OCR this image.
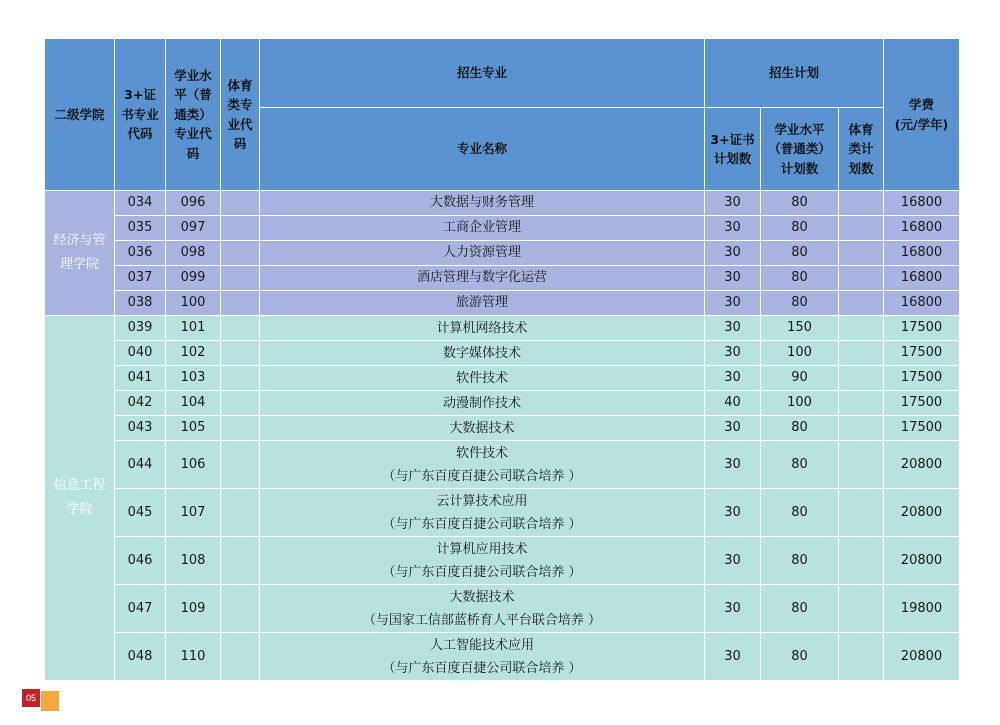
二级学院	3+证
书专业
代码	学业水
平（普
通类）
专业代
码	体育
类专
业代
码	招生专业	招生计划			学费
(元/学年)
				专业名称	3+证书
计划数	学业水平
（普通类）
计划数	体育
类计
划数	
经济与管
理学院	034	096		大数据与财务管理	30	80		16800
	035	097		工商企业管理	30	80		16800
	036	098		人力资源管理	30	80		16800
	037	099		酒店管理与数字化运营	30	80		16800
	038	100		旅游管理	30	80		16800
信息工程
学院	039	101		计算机网络技术	30	150		17500
	040	102		数字媒体技术	30	100		17500
	041	103		软件技术	30	90		17500
	042	104		动漫制作技术	40	100		17500
	043	105		大数据技术	30	80		17500
	044	106		软件技术
（与广东百度百捷公司联合培养 ）	30	80		20800
	045	107		云计算技术应用
（与广东百度百捷公司联合培养 ）	30	80		20800
	046	108		计算机应用技术
（与广东百度百捷公司联合培养 ）	30	80		20800
	047	109		大数据技术
（与国家工信部蓝桥育人平台联合培养 ）	30	80		19800
	048	110		人工智能技术应用
（与广东百度百捷公司联合培养 ）	30	80		20800
05
